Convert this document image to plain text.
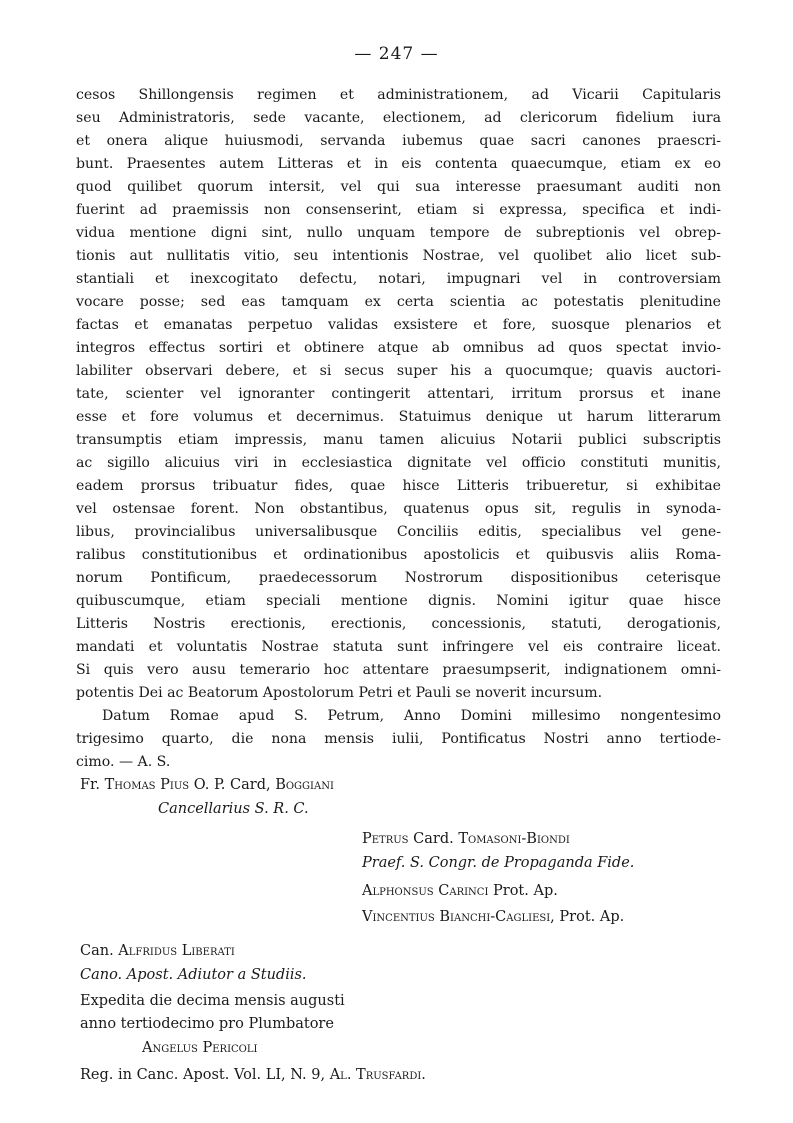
— 247 —
cesos Shillongensis regimen et administrationem, ad Vicarii Capitularis
seu Administratoris, sede vacante, electionem, ad clericorum fidelium iura
et onera alique huiusmodi, servanda iubemus quae sacri canones praescri-
bunt. Praesentes autem Litteras et in eis contenta quaecumque, etiam ex eo
quod quilibet quorum intersit, vel qui sua interesse praesumant auditi non
fuerint ad praemissis non consenserint, etiam si expressa, specifica et indi-
vidua mentione digni sint, nullo unquam tempore de subreptionis vel obrep-
tionis aut nullitatis vitio, seu intentionis Nostrae, vel quolibet alio licet sub-
stantiali et inexcogitato defectu, notari, impugnari vel in controversiam
vocare posse; sed eas tamquam ex certa scientia ac potestatis plenitudine
factas et emanatas perpetuo validas exsistere et fore, suosque plenarios et
integros effectus sortiri et obtinere atque ab omnibus ad quos spectat invio-
labiliter observari debere, et si secus super his a quocumque; quavis auctori-
tate, scienter vel ignoranter contingerit attentari, irritum prorsus et inane
esse et fore volumus et decernimus. Statuimus denique ut harum litterarum
transumptis etiam impressis, manu tamen alicuius Notarii publici subscriptis
ac sigillo alicuius viri in ecclesiastica dignitate vel officio constituti munitis,
eadem prorsus tribuatur fides, quae hisce Litteris tribueretur, si exhibitae
vel ostensae forent. Non obstantibus, quatenus opus sit, regulis in synoda-
libus, provincialibus universalibusque Conciliis editis, specialibus vel gene-
ralibus constitutionibus et ordinationibus apostolicis et quibusvis aliis Roma-
norum Pontificum, praedecessorum Nostrorum dispositionibus ceterisque
quibuscumque, etiam speciali mentione dignis. Nomini igitur quae hisce
Litteris Nostris erectionis, erectionis, concessionis, statuti, derogationis,
mandati et voluntatis Nostrae statuta sunt infringere vel eis contraire liceat.
Si quis vero ausu temerario hoc attentare praesumpserit, indignationem omni-
potentis Dei ac Beatorum Apostolorum Petri et Pauli se noverit incursum.
Datum Romae apud S. Petrum, Anno Domini millesimo nongentesimo
trigesimo quarto, die nona mensis iulii, Pontificatus Nostri anno tertiode-
cimo. — A. S.
Fr. Thomas Pius O. P. Card, Boggiani
Cancellarius S. R. C.
Petrus Card. Tomasoni-Biondi
Praef. S. Congr. de Propaganda Fide.
Alphonsus Carinci Prot. Ap.
Vincentius Bianchi-Cagliesi, Prot. Ap.
Can. Alfridus Liberati
Cano. Apost. Adiutor a Studiis.
Expedita die decima mensis augusti
anno tertiodecimo pro Plumbatore
Angelus Pericoli
Reg. in Canc. Apost. Vol. LI, N. 9, Al. Trusfardi.
